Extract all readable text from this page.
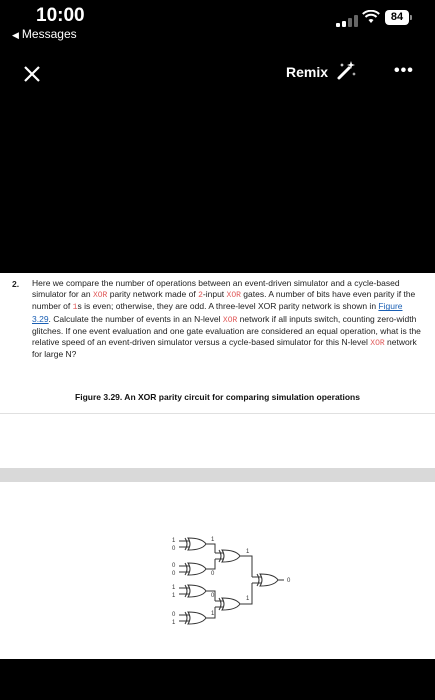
10:00
◀ Messages
84
Remix	•••
2. Here we compare the number of operations between an event-driven simulator and a cycle-based simulator for an XOR parity network made of 2-input XOR gates. A number of bits have even parity if the number of 1s is even; otherwise, they are odd. A three-level XOR parity network is shown in Figure 3.29. Calculate the number of events in an N-level XOR network if all inputs switch, counting zero-width glitches. If one event evaluation and one gate evaluation are considered an equal operation, what is the relative speed of an event-driven simulator versus a cycle-based simulator for this N-level XOR network for large N?
Figure 3.29. An XOR parity circuit for comparing simulation operations
1
0
0
0
1
1
0
1
1
0
0
1
1
1
0
